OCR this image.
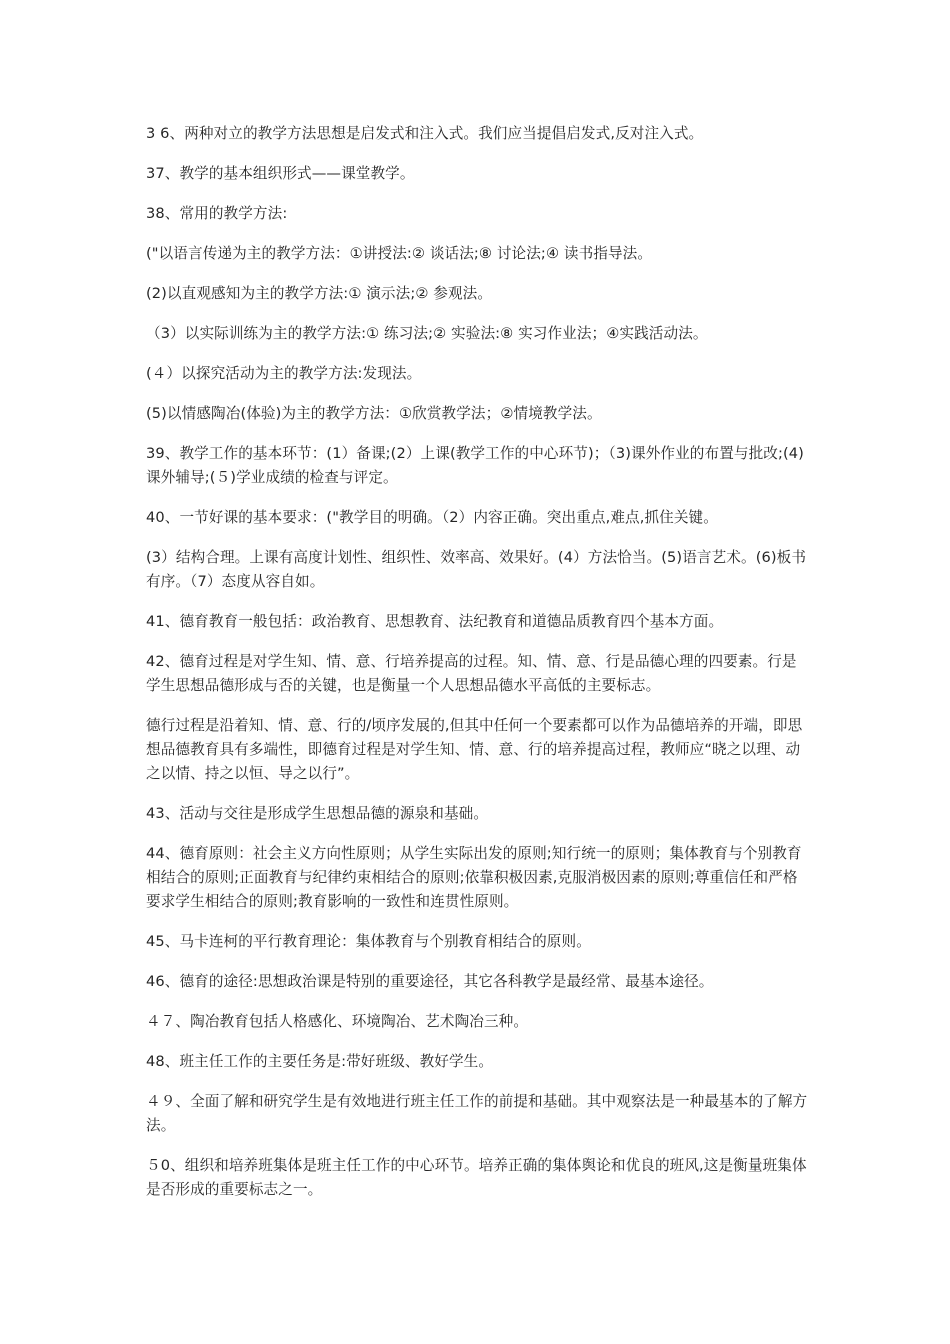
3 6、两种对立的教学方法思想是启发式和注入式。我们应当提倡启发式,反对注入式。

37、教学的基本组织形式——课堂教学。

38、常用的教学方法:

("以语言传递为主的教学方法：①讲授法:② 谈话法;⑧ 讨论法;④ 读书指导法。

(2)以直观感知为主的教学方法:① 演示法;② 参观法。

（3）以实际训练为主的教学方法:① 练习法;② 实验法:⑧ 实习作业法；④实践活动法。

(４）以探究活动为主的教学方法:发现法。

(5)以情感陶冶(体验)为主的教学方法：①欣赏教学法；②情境教学法。

39、教学工作的基本环节：(1）备课;(2）上课(教学工作的中心环节)；（3)课外作业的布置与批改;(4)课外辅导;(５)学业成绩的检查与评定。

40、一节好课的基本要求：("教学目的明确。（2）内容正确。突出重点,难点,抓住关键。

(3）结构合理。上课有高度计划性、组织性、效率高、效果好。(4）方法恰当。(5)语言艺术。(6)板书有序。（7）态度从容自如。

41、德育教育一般包括：政治教育、思想教育、法纪教育和道德品质教育四个基本方面。

42、德育过程是对学生知、情、意、行培养提高的过程。知、情、意、行是品德心理的四要素。行是学生思想品德形成与否的关键，也是衡量一个人思想品德水平高低的主要标志。

德行过程是沿着知、情、意、行的/顷序发展的,但其中任何一个要素都可以作为品德培养的开端，即思想品德教育具有多端性，即德育过程是对学生知、情、意、行的培养提高过程，教师应“晓之以理、动之以情、持之以恒、导之以行”。

43、活动与交往是形成学生思想品德的源泉和基础。

44、德育原则：社会主义方向性原则；从学生实际出发的原则;知行统一的原则；集体教育与个别教育相结合的原则;正面教育与纪律约束相结合的原则;依靠积极因素,克服消极因素的原则;尊重信任和严格要求学生相结合的原则;教育影响的一致性和连贯性原则。

45、马卡连柯的平行教育理论：集体教育与个别教育相结合的原则。

46、德育的途径:思想政治课是特别的重要途径，其它各科教学是最经常、最基本途径。

４７、陶冶教育包括人格感化、环境陶冶、艺术陶冶三种。

48、班主任工作的主要任务是:带好班级、教好学生。

４９、全面了解和研究学生是有效地进行班主任工作的前提和基础。其中观察法是一种最基本的了解方法。

５0、组织和培养班集体是班主任工作的中心环节。培养正确的集体舆论和优良的班风,这是衡量班集体是否形成的重要标志之一。
